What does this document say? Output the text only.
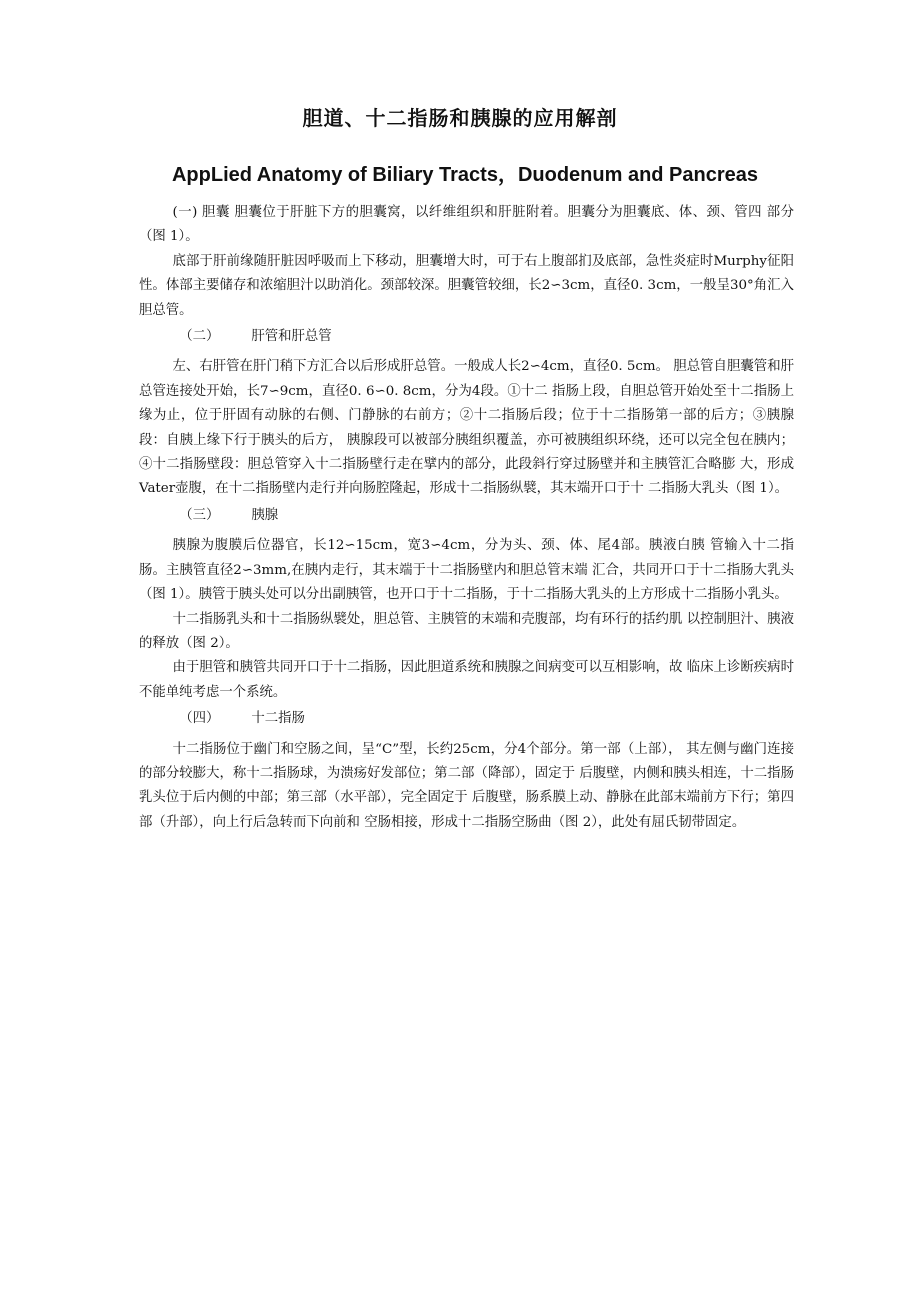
胆道、十二指肠和胰腺的应用解剖
AppLied Anatomy of Biliary Tracts，Duodenum and Pancreas

(一) 胆囊 胆囊位于肝脏下方的胆囊窝，以纤维组织和肝脏附着。胆囊分为胆囊底、体、颈、管四 部分（图 1）。

底部于肝前缘随肝脏因呼吸而上下移动，胆囊增大时，可于右上腹部扪及底部，急性炎症时Murphy征阳性。体部主要储存和浓缩胆汁以助消化。颈部较深。胆囊管较细，长2∽3cm，直径0. 3cm，一般呈30°角汇入胆总管。

（二） 肝管和肝总管

左、右肝管在肝门稍下方汇合以后形成肝总管。一般成人长2∽4cm，直径0. 5cm。 胆总管自胆囊管和肝总管连接处开始，长7∽9cm，直径0. 6∽0. 8cm，分为4段。①十二 指肠上段，自胆总管开始处至十二指肠上缘为止，位于肝固有动脉的右侧、门静脉的右前方；②十二指肠后段；位于十二指肠第一部的后方；③胰腺段：自胰上缘下行于胰头的后方， 胰腺段可以被部分胰组织覆盖，亦可被胰组织环绕，还可以完全包在胰内；④十二指肠壁段：胆总管穿入十二指肠壁行走在擘内的部分，此段斜行穿过肠壁并和主胰管汇合略膨 大，形成Vater壶腹，在十二指肠壁内走行并向肠腔隆起，形成十二指肠纵襞，其末端开口于十 二指肠大乳头（图 1）。

（三） 胰腺

胰腺为腹膜后位器官，长12∽15cm，宽3∽4cm，分为头、颈、体、尾4部。胰液白胰 管输入十二指肠。主胰管直径2∽3mm,在胰内走行，其末端于十二指肠壁内和胆总管末端 汇合，共同开口于十二指肠大乳头（图 1）。胰管于胰头处可以分出副胰管，也开口于十二指肠，于十二指肠大乳头的上方形成十二指肠小乳头。

十二指肠乳头和十二指肠纵襞处，胆总管、主胰管的末端和壳腹部，均有环行的括约肌 以控制胆汁、胰液的释放（图 2）。

由于胆管和胰管共同开口于十二指肠，因此胆道系统和胰腺之间病变可以互相影响，故 临床上诊断疾病时不能单纯考虑一个系统。

（四） 十二指肠

十二指肠位于幽门和空肠之间，呈“C”型，长约25cm，分4个部分。第一部（上部）， 其左侧与幽门连接的部分较膨大，称十二指肠球，为溃疡好发部位；第二部（降部），固定于 后腹壁，内侧和胰头相连，十二指肠乳头位于后内侧的中部；第三部（水平部），完全固定于 后腹壁，肠系膜上动、静脉在此部末端前方下行；第四部（升部），向上行后急转而下向前和 空肠相接，形成十二指肠空肠曲（图 2），此处有屈氏韧带固定。
